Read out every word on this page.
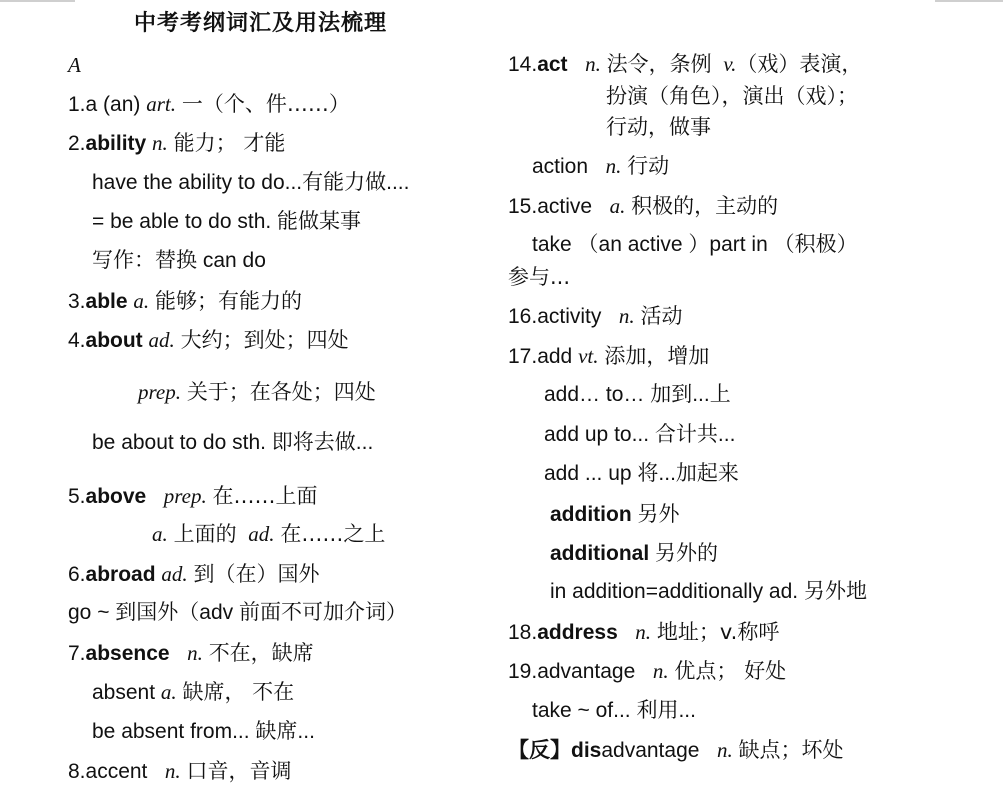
中考考纲词汇及用法梳理
A
1.a (an) art. 一（个、件……）
2.ability n. 能力； 才能
have the ability to do...有能力做....
= be able to do sth. 能做某事
写作：替换 can do
3.able a. 能够；有能力的
4.about ad. 大约；到处；四处
prep. 关于；在各处；四处
be about to do sth. 即将去做...
5.above prep. 在……上面
a. 上面的 ad. 在……之上
6.abroad ad. 到（在）国外
go ~ 到国外（adv 前面不可加介词）
7.absence n. 不在，缺席
absent a. 缺席， 不在
be absent from... 缺席...
8.accent n. 口音，音调
14.act n. 法令，条例 v.（戏）表演，
扮演（角色），演出（戏）；
行动，做事
action n. 行动
15.active a. 积极的，主动的
take （an active ）part in （积极）
参与...
16.activity n. 活动
17.add vt. 添加，增加
add… to… 加到...上
add up to... 合计共...
add ... up 将...加起来
addition 另外
additional 另外的
in addition=additionally ad. 另外地
18.address n. 地址；v.称呼
19.advantage n. 优点； 好处
take ~ of... 利用...
【反】disadvantage n. 缺点；坏处
